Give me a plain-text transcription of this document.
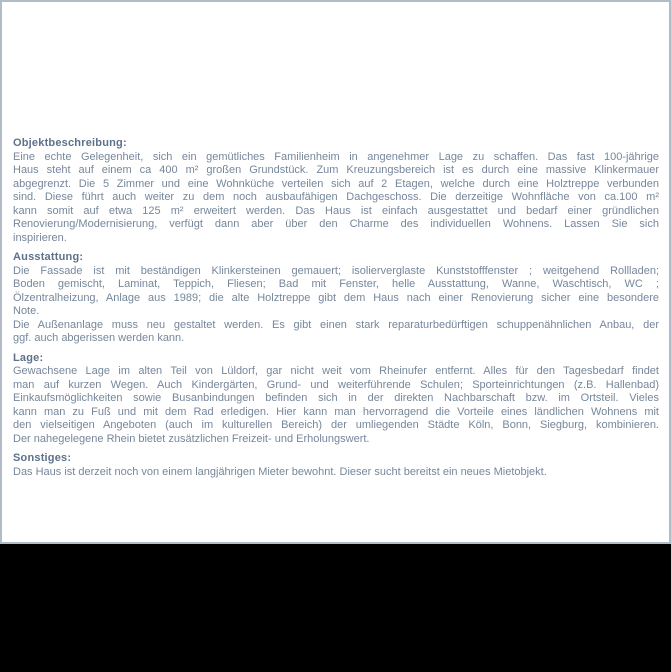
Objektbeschreibung:
Eine echte Gelegenheit, sich ein gemütliches Familienheim in angenehmer Lage zu schaffen. Das fast 100-jährige
Haus steht auf einem ca 400 m² großen Grundstück. Zum Kreuzungsbereich ist es durch eine massive Klinkermauer
abgegrenzt. Die 5 Zimmer und eine Wohnküche verteilen sich auf 2 Etagen, welche durch eine Holztreppe verbunden
sind. Diese führt auch weiter zu dem noch ausbaufähigen Dachgeschoss. Die derzeitige Wohnfläche von ca.100 m²
kann somit auf etwa 125 m² erweitert werden. Das Haus ist einfach ausgestattet und bedarf einer gründlichen
Renovierung/Modernisierung, verfügt dann aber über den Charme des individuellen Wohnens. Lassen Sie sich
inspirieren.
Ausstattung:
Die Fassade ist mit beständigen Klinkersteinen gemauert; isolierverglaste Kunststofffenster ; weitgehend Rollladen;
Boden gemischt, Laminat, Teppich, Fliesen; Bad mit Fenster, helle Ausstattung, Wanne, Waschtisch, WC ;
Ölzentralheizung, Anlage aus 1989; die alte Holztreppe gibt dem Haus nach einer Renovierung sicher eine besondere
Note.
Die Außenanlage muss neu gestaltet werden. Es gibt einen stark reparaturbedürftigen schuppenähnlichen Anbau, der
ggf. auch abgerissen werden kann.
Lage:
Gewachsene Lage im alten Teil von Lüldorf, gar nicht weit vom Rheinufer entfernt. Alles für den Tagesbedarf findet
man auf kurzen Wegen. Auch Kindergärten, Grund- und weiterführende Schulen; Sporteinrichtungen (z.B. Hallenbad)
Einkaufsmöglichkeiten sowie Busanbindungen befinden sich in der direkten Nachbarschaft bzw. im Ortsteil. Vieles
kann man zu Fuß und mit dem Rad erledigen. Hier kann man hervorragend die Vorteile eines ländlichen Wohnens mit
den vielseitigen Angeboten (auch im kulturellen Bereich) der umliegenden Städte Köln, Bonn, Siegburg, kombinieren.
Der nahegelegene Rhein bietet zusätzlichen Freizeit- und Erholungswert.
Sonstiges:
Das Haus ist derzeit noch von einem langjährigen Mieter bewohnt. Dieser sucht bereitst ein neues Mietobjekt.
